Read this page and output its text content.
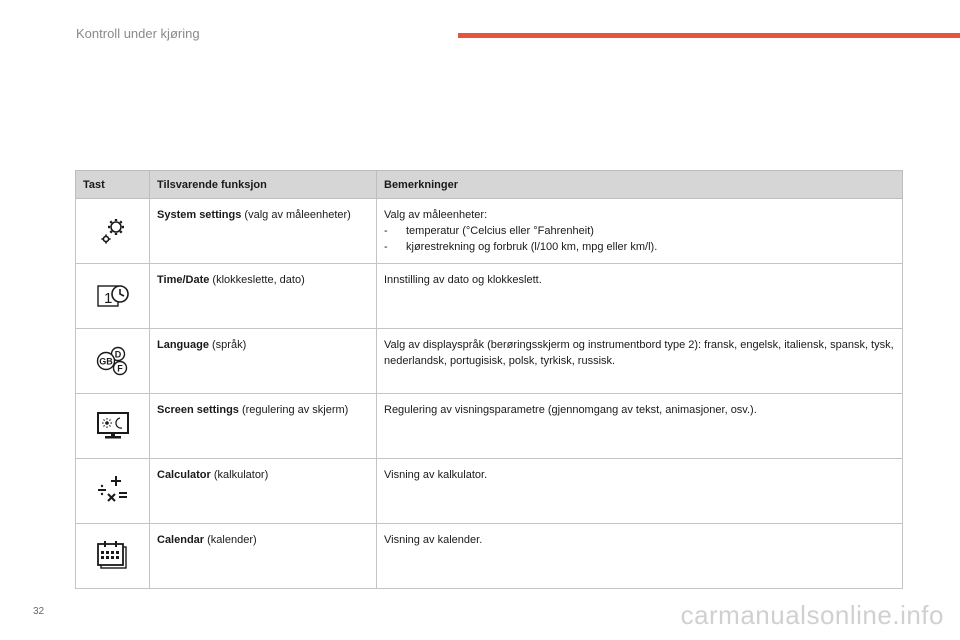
Kontroll under kjøring
Tast	Tilsvarende funksjon	Bemerkninger
	System settings (valg av måleenheter)	Valg av måleenheter:
- temperatur (°Celcius eller °Fahrenheit)
- kjørestrekning og forbruk (l/100 km, mpg eller km/l).

1	Time/Date (klokkeslette, dato)	Innstilling av dato og klokkeslett.

D
F
GB	Language (språk)	Valg av displayspråk (berøringsskjerm og instrumentbord type 2): fransk, engelsk, italiensk, spansk, tysk, nederlandsk, portugisisk, polsk, tyrkisk, russisk.
	Screen settings (regulering av skjerm)	Regulering av visningsparametre (gjennomgang av tekst, animasjoner, osv.).
	Calculator (kalkulator)	Visning av kalkulator.
	Calendar (kalender)	Visning av kalender.
32	carmanualsonline.info
